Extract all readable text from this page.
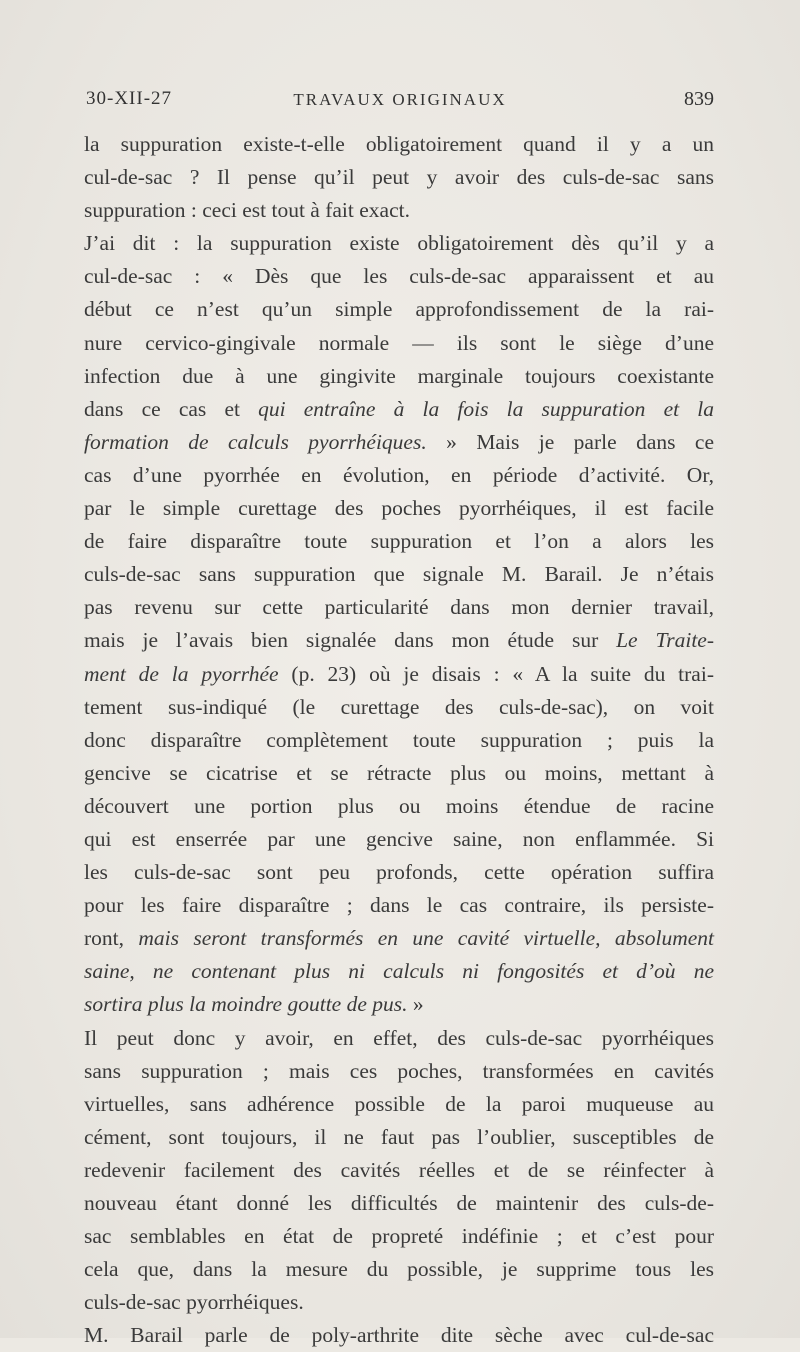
30-XII-27	TRAVAUX ORIGINAUX	839
la suppuration existe-t-elle obligatoirement quand il y a un
cul-de-sac ? Il pense qu’il peut y avoir des culs-de-sac sans
suppuration : ceci est tout à fait exact.
J’ai dit : la suppuration existe obligatoirement dès qu’il y a
cul-de-sac : « Dès que les culs-de-sac apparaissent et au
début ce n’est qu’un simple approfondissement de la rai-
nure cervico-gingivale normale — ils sont le siège d’une
infection due à une gingivite marginale toujours coexistante
dans ce cas et qui entraîne à la fois la suppuration et la
formation de calculs pyorrhéiques. » Mais je parle dans ce
cas d’une pyorrhée en évolution, en période d’activité. Or,
par le simple curettage des poches pyorrhéiques, il est facile
de faire disparaître toute suppuration et l’on a alors les
culs-de-sac sans suppuration que signale M. Barail. Je n’étais
pas revenu sur cette particularité dans mon dernier travail,
mais je l’avais bien signalée dans mon étude sur Le Traite-
ment de la pyorrhée (p. 23) où je disais : « A la suite du trai-
tement sus-indiqué (le curettage des culs-de-sac), on voit
donc disparaître complètement toute suppuration ; puis la
gencive se cicatrise et se rétracte plus ou moins, mettant à
découvert une portion plus ou moins étendue de racine
qui est enserrée par une gencive saine, non enflammée. Si
les culs-de-sac sont peu profonds, cette opération suffira
pour les faire disparaître ; dans le cas contraire, ils persiste-
ront, mais seront transformés en une cavité virtuelle, absolument
saine, ne contenant plus ni calculs ni fongosités et d’où ne
sortira plus la moindre goutte de pus. »
Il peut donc y avoir, en effet, des culs-de-sac pyorrhéiques
sans suppuration ; mais ces poches, transformées en cavités
virtuelles, sans adhérence possible de la paroi muqueuse au
cément, sont toujours, il ne faut pas l’oublier, susceptibles de
redevenir facilement des cavités réelles et de se réinfecter à
nouveau étant donné les difficultés de maintenir des culs-de-
sac semblables en état de propreté indéfinie ; et c’est pour
cela que, dans la mesure du possible, je supprime tous les
culs-de-sac pyorrhéiques.
M. Barail parle de poly-arthrite dite sèche avec cul-de-sac
